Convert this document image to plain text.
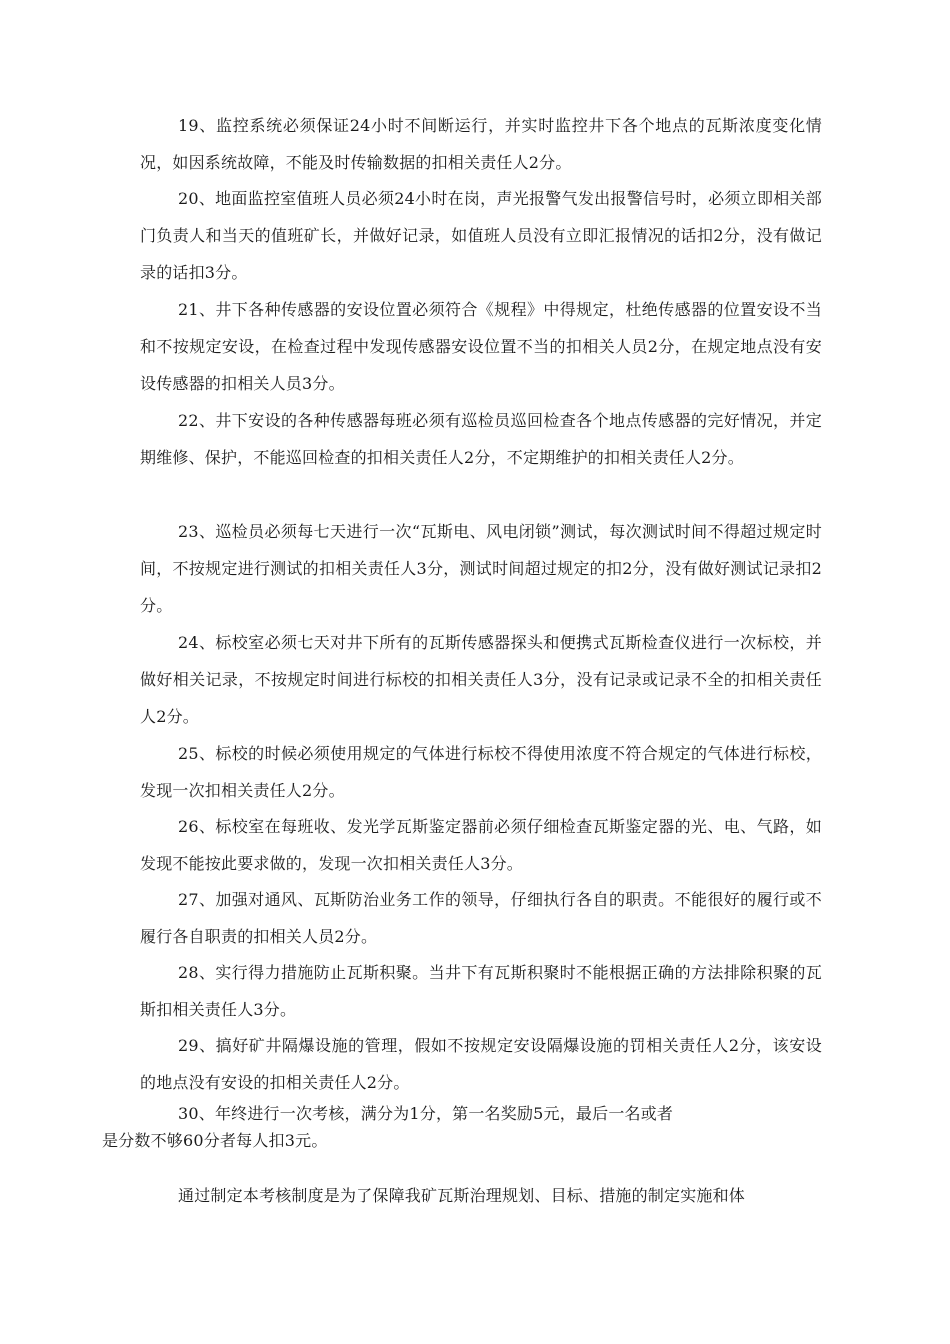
19、监控系统必须保证24小时不间断运行，并实时监控井下各个地点的瓦斯浓度变化情况，如因系统故障，不能及时传输数据的扣相关责任人2分。

20、地面监控室值班人员必须24小时在岗，声光报警气发出报警信号时，必须立即相关部门负责人和当天的值班矿长，并做好记录，如值班人员没有立即汇报情况的话扣2分，没有做记录的话扣3分。

21、井下各种传感器的安设位置必须符合《规程》中得规定，杜绝传感器的位置安设不当和不按规定安设，在检查过程中发现传感器安设位置不当的扣相关人员2分，在规定地点没有安设传感器的扣相关人员3分。

22、井下安设的各种传感器每班必须有巡检员巡回检查各个地点传感器的完好情况，并定期维修、保护，不能巡回检查的扣相关责任人2分，不定期维护的扣相关责任人2分。

23、巡检员必须每七天进行一次“瓦斯电、风电闭锁”测试，每次测试时间不得超过规定时间，不按规定进行测试的扣相关责任人3分，测试时间超过规定的扣2分，没有做好测试记录扣2分。

24、标校室必须七天对井下所有的瓦斯传感器探头和便携式瓦斯检查仪进行一次标校，并做好相关记录，不按规定时间进行标校的扣相关责任人3分，没有记录或记录不全的扣相关责任人2分。

25、标校的时候必须使用规定的气体进行标校不得使用浓度不符合规定的气体进行标校，发现一次扣相关责任人2分。

26、标校室在每班收、发光学瓦斯鉴定器前必须仔细检查瓦斯鉴定器的光、电、气路，如发现不能按此要求做的，发现一次扣相关责任人3分。

27、加强对通风、瓦斯防治业务工作的领导，仔细执行各自的职责。不能很好的履行或不履行各自职责的扣相关人员2分。

28、实行得力措施防止瓦斯积聚。当井下有瓦斯积聚时不能根据正确的方法排除积聚的瓦斯扣相关责任人3分。

29、搞好矿井隔爆设施的管理，假如不按规定安设隔爆设施的罚相关责任人2分，该安设的地点没有安设的扣相关责任人2分。

30、年终进行一次考核，满分为1分，第一名奖励5元，最后一名或者
是分数不够60分者每人扣3元。

通过制定本考核制度是为了保障我矿瓦斯治理规划、目标、措施的制定实施和体
